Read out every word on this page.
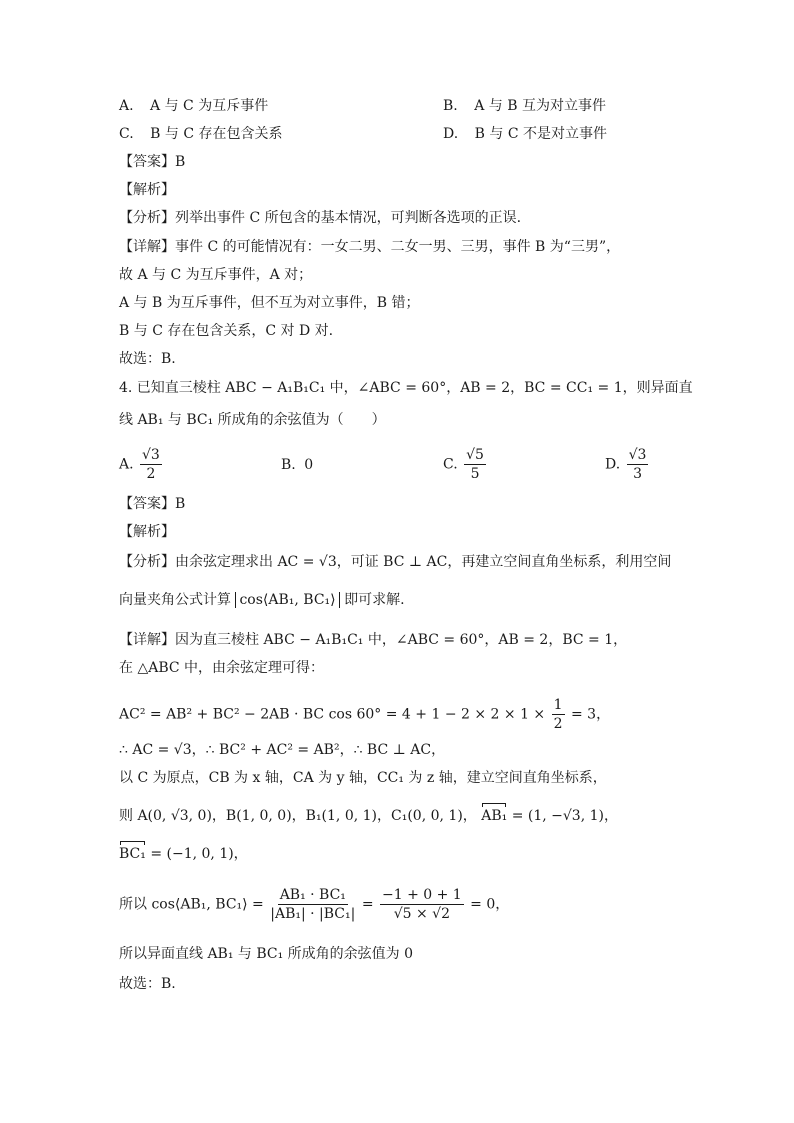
A. A 与 C 为互斥事件	B. A 与 B 互为对立事件
C. B 与 C 存在包含关系	D. B 与 C 不是对立事件
【答案】B
【解析】
【分析】列举出事件 C 所包含的基本情况，可判断各选项的正误.
【详解】事件 C 的可能情况有：一女二男、二女一男、三男，事件 B 为“三男”，
故 A 与 C 为互斥事件，A 对；
A 与 B 为互斥事件，但不互为对立事件，B 错；
B 与 C 存在包含关系，C 对 D 对.
故选：B.
4. 已知直三棱柱 ABC − A₁B₁C₁ 中，∠ABC = 60°，AB = 2，BC = CC₁ = 1，则异面直
线 AB₁ 与 BC₁ 所成角的余弦值为（　　）
A. $\frac{√3}{2}$	B. 0	C. $\frac{√5}{5}$	D. $\frac{√3}{3}$
【答案】B
【解析】
【分析】由余弦定理求出 AC = √3，可证 BC ⊥ AC，再建立空间直角坐标系，利用空间
向量夹角公式计算 cos⟨AB₁, BC₁⟩ 即可求解.
【详解】因为直三棱柱 ABC − A₁B₁C₁ 中，∠ABC = 60°，AB = 2，BC = 1，
在 △ABC 中，由余弦定理可得：
AC² = AB² + BC² − 2AB · BC $\cos 60^\circ = 4 + 1 - 2 \times 2 \times 1 \times \frac{1}{2} = 3$，
∴ AC = √3，∴ BC² + AC² = AB²，∴ BC ⊥ AC，
以 C 为原点，CB 为 x 轴，CA 为 y 轴，CC₁ 为 z 轴，建立空间直角坐标系，
则 A(0, √3, 0)，B(1, 0, 0)，B₁(1, 0, 1)，C₁(0, 0, 1)， AB₁ = (1, −√3, 1)，
BC₁ = (−1, 0, 1)，
所以 cos⟨AB₁, BC₁⟩ = $\frac{\text{AB₁ · BC₁}}{\text{|AB₁| · |BC₁|}} = \frac{-1 + 0 + 1}{√5 \times √2} = 0$，
所以异面直线 AB₁ 与 BC₁ 所成角的余弦值为 0
故选：B.
